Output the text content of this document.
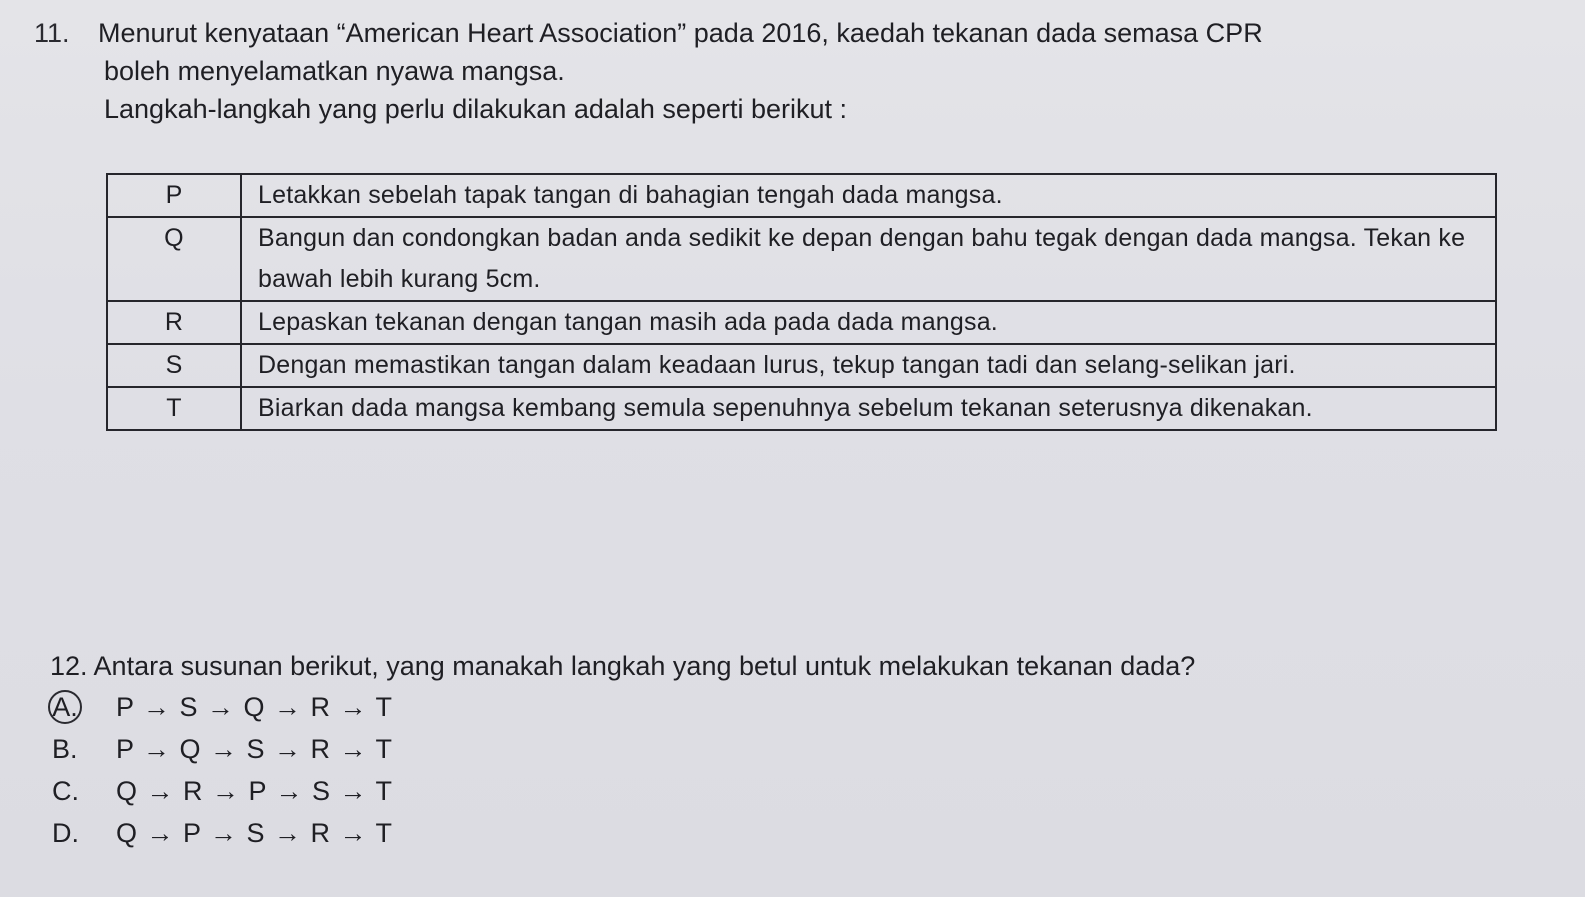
11. Menurut kenyataan “American Heart Association” pada 2016, kaedah tekanan dada semasa CPR
boleh menyelamatkan nyawa mangsa.
Langkah-langkah yang perlu dilakukan adalah seperti berikut :
P	Letakkan sebelah tapak tangan di bahagian tengah dada mangsa.
Q	Bangun dan condongkan badan anda sedikit ke depan dengan bahu tegak dengan dada mangsa. Tekan ke bawah lebih kurang 5cm.
R	Lepaskan tekanan dengan tangan masih ada pada dada mangsa.
S	Dengan memastikan tangan dalam keadaan lurus, tekup tangan tadi dan selang-selikan jari.
T	Biarkan dada mangsa kembang semula sepenuhnya sebelum tekanan seterusnya dikenakan.
12. Antara susunan berikut, yang manakah langkah yang betul untuk melakukan tekanan dada?
A.	P → S → Q → R → T
B.	P → Q → S → R → T
C.	Q → R → P → S → T
D.	Q → P → S → R → T
